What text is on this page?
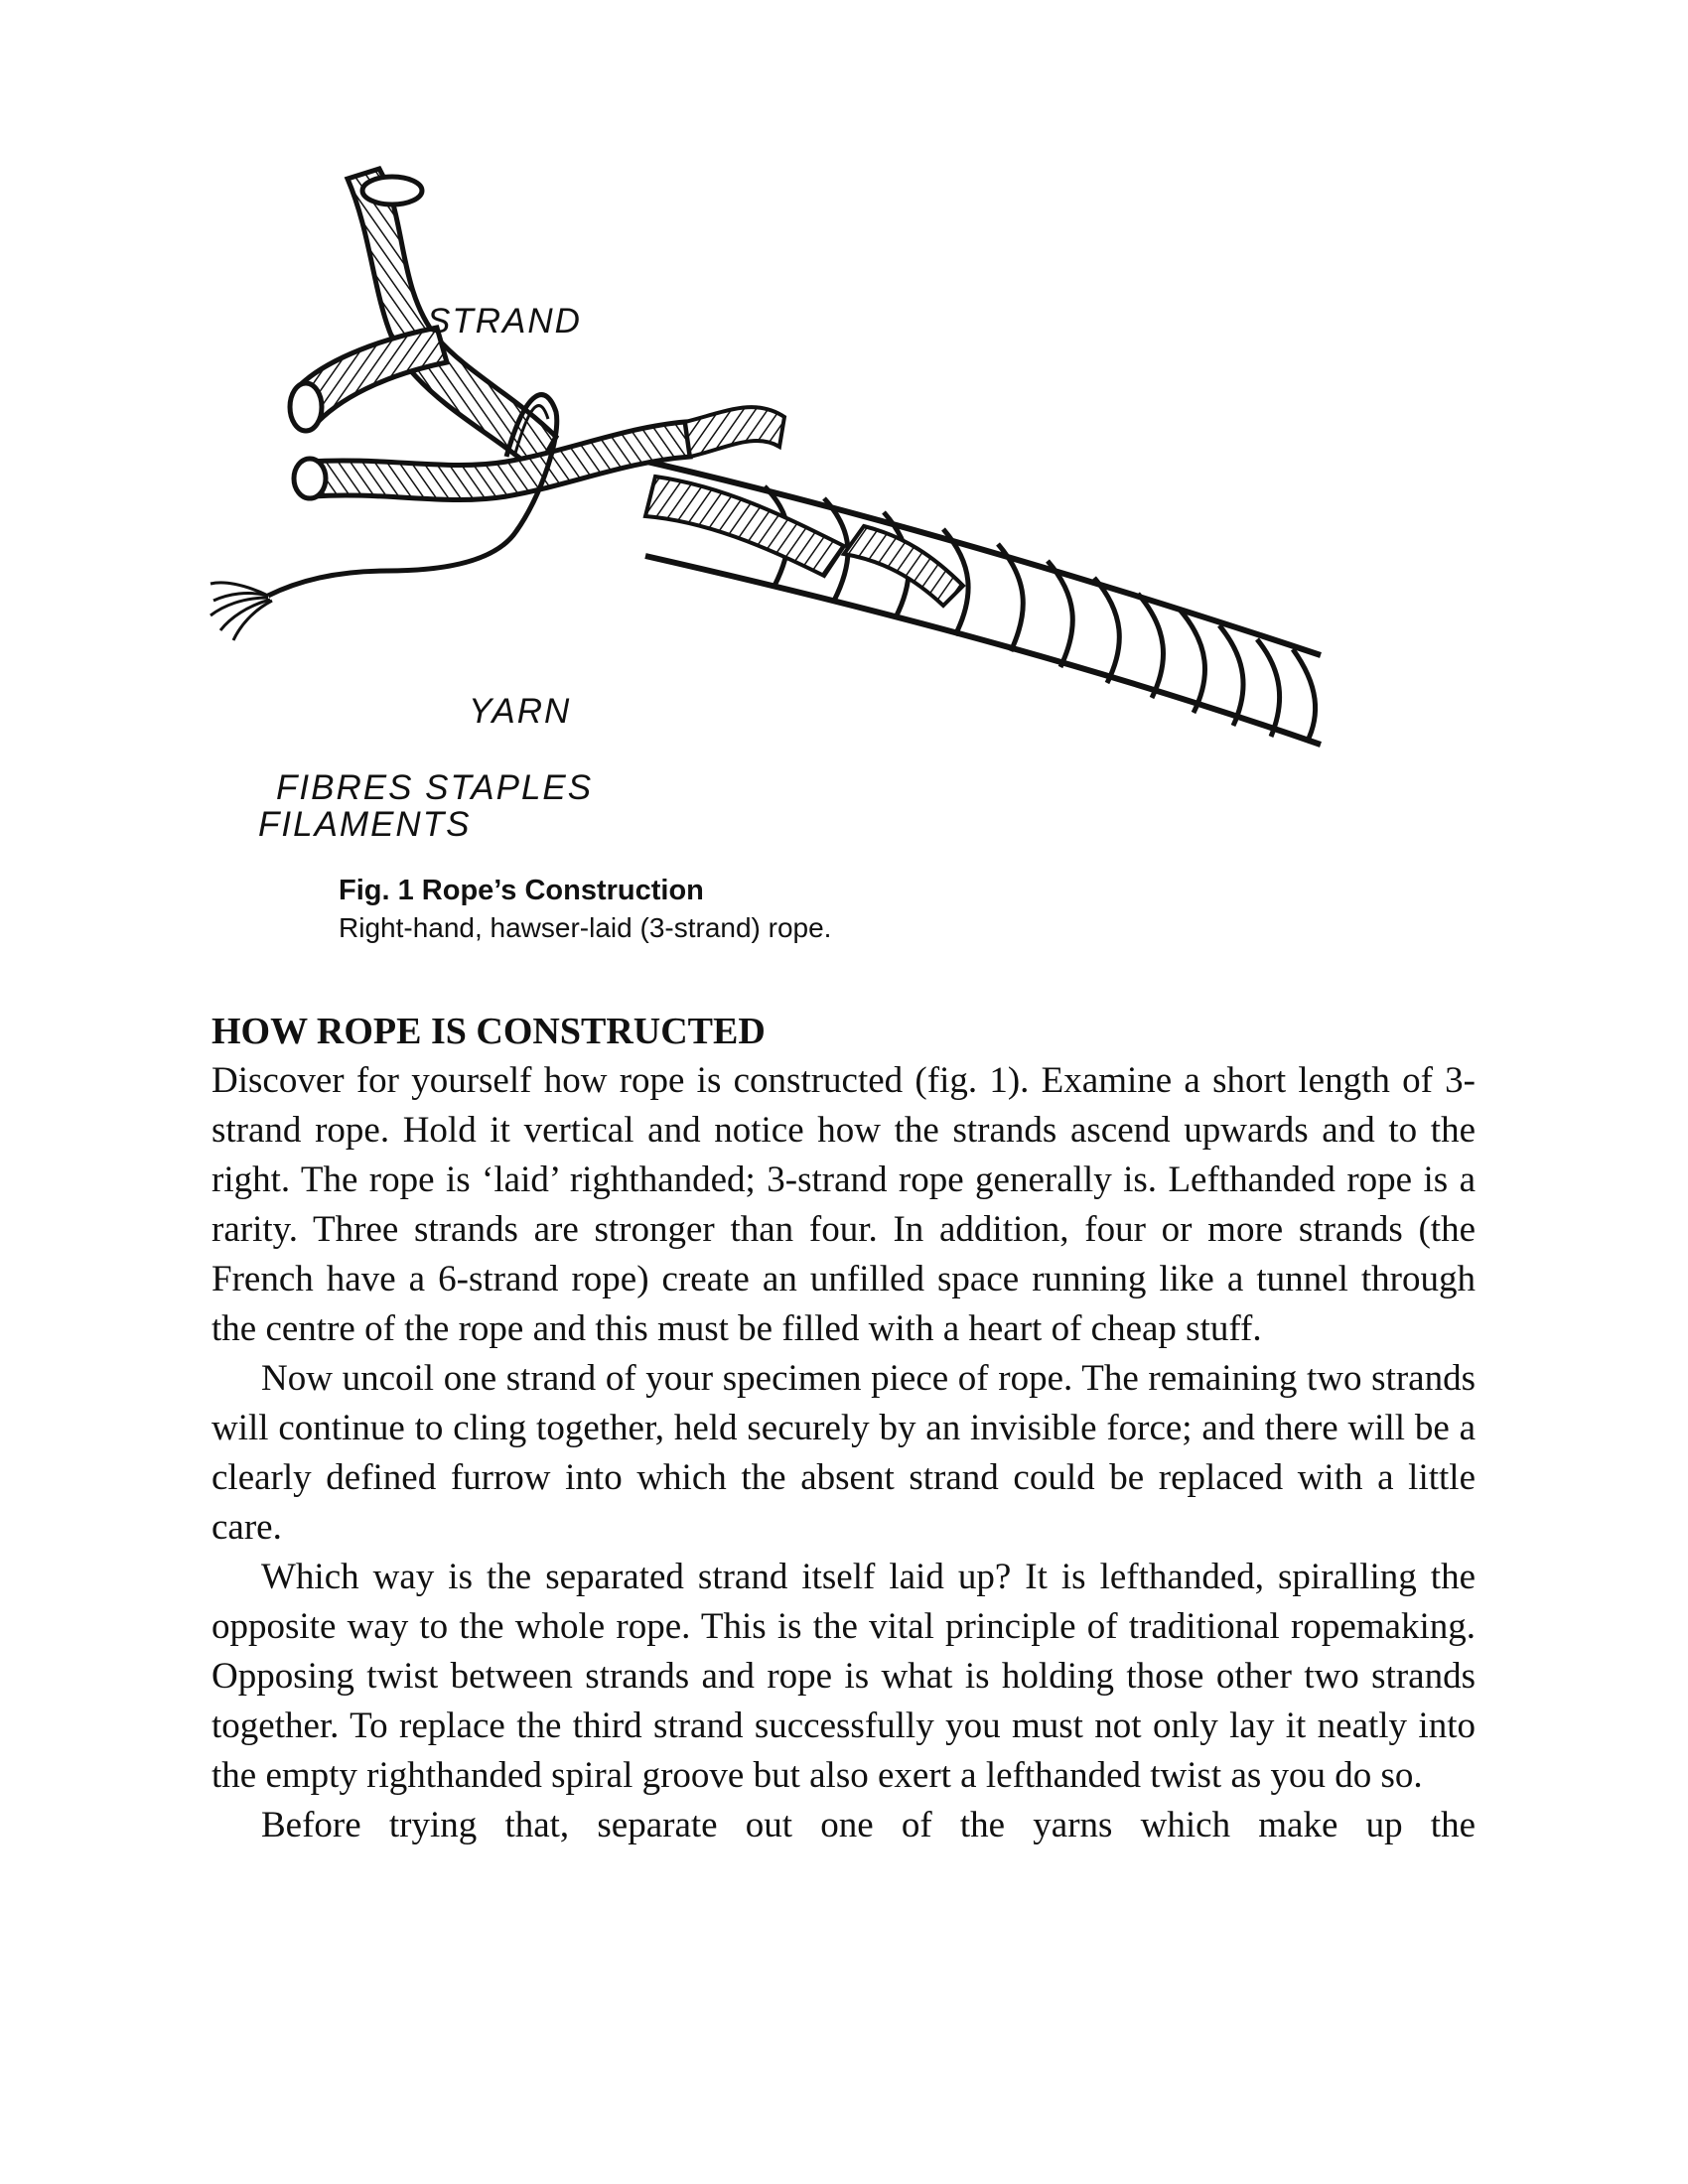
STRAND
YARN
FIBRES STAPLES
FILAMENTS
Fig. 1 Rope’s Construction
Right-hand, hawser-laid (3-strand) rope.
HOW ROPE IS CONSTRUCTED

Discover for yourself how rope is constructed (fig. 1). Examine a short length of 3-strand rope. Hold it vertical and notice how the strands ascend upwards and to the right. The rope is ‘laid’ righthanded; 3-strand rope generally is. Lefthanded rope is a rarity. Three strands are stronger than four. In addition, four or more strands (the French have a 6-strand rope) create an unfilled space running like a tunnel through the centre of the rope and this must be filled with a heart of cheap stuff.

Now uncoil one strand of your specimen piece of rope. The remaining two strands will continue to cling together, held securely by an invisible force; and there will be a clearly defined furrow into which the absent strand could be replaced with a little care.

Which way is the separated strand itself laid up? It is lefthanded, spiralling the opposite way to the whole rope. This is the vital principle of traditional ropemaking. Opposing twist between strands and rope is what is holding those other two strands together. To replace the third strand successfully you must not only lay it neatly into the empty righthanded spiral groove but also exert a lefthanded twist as you do so.

Before trying that, separate out one of the yarns which make up the
